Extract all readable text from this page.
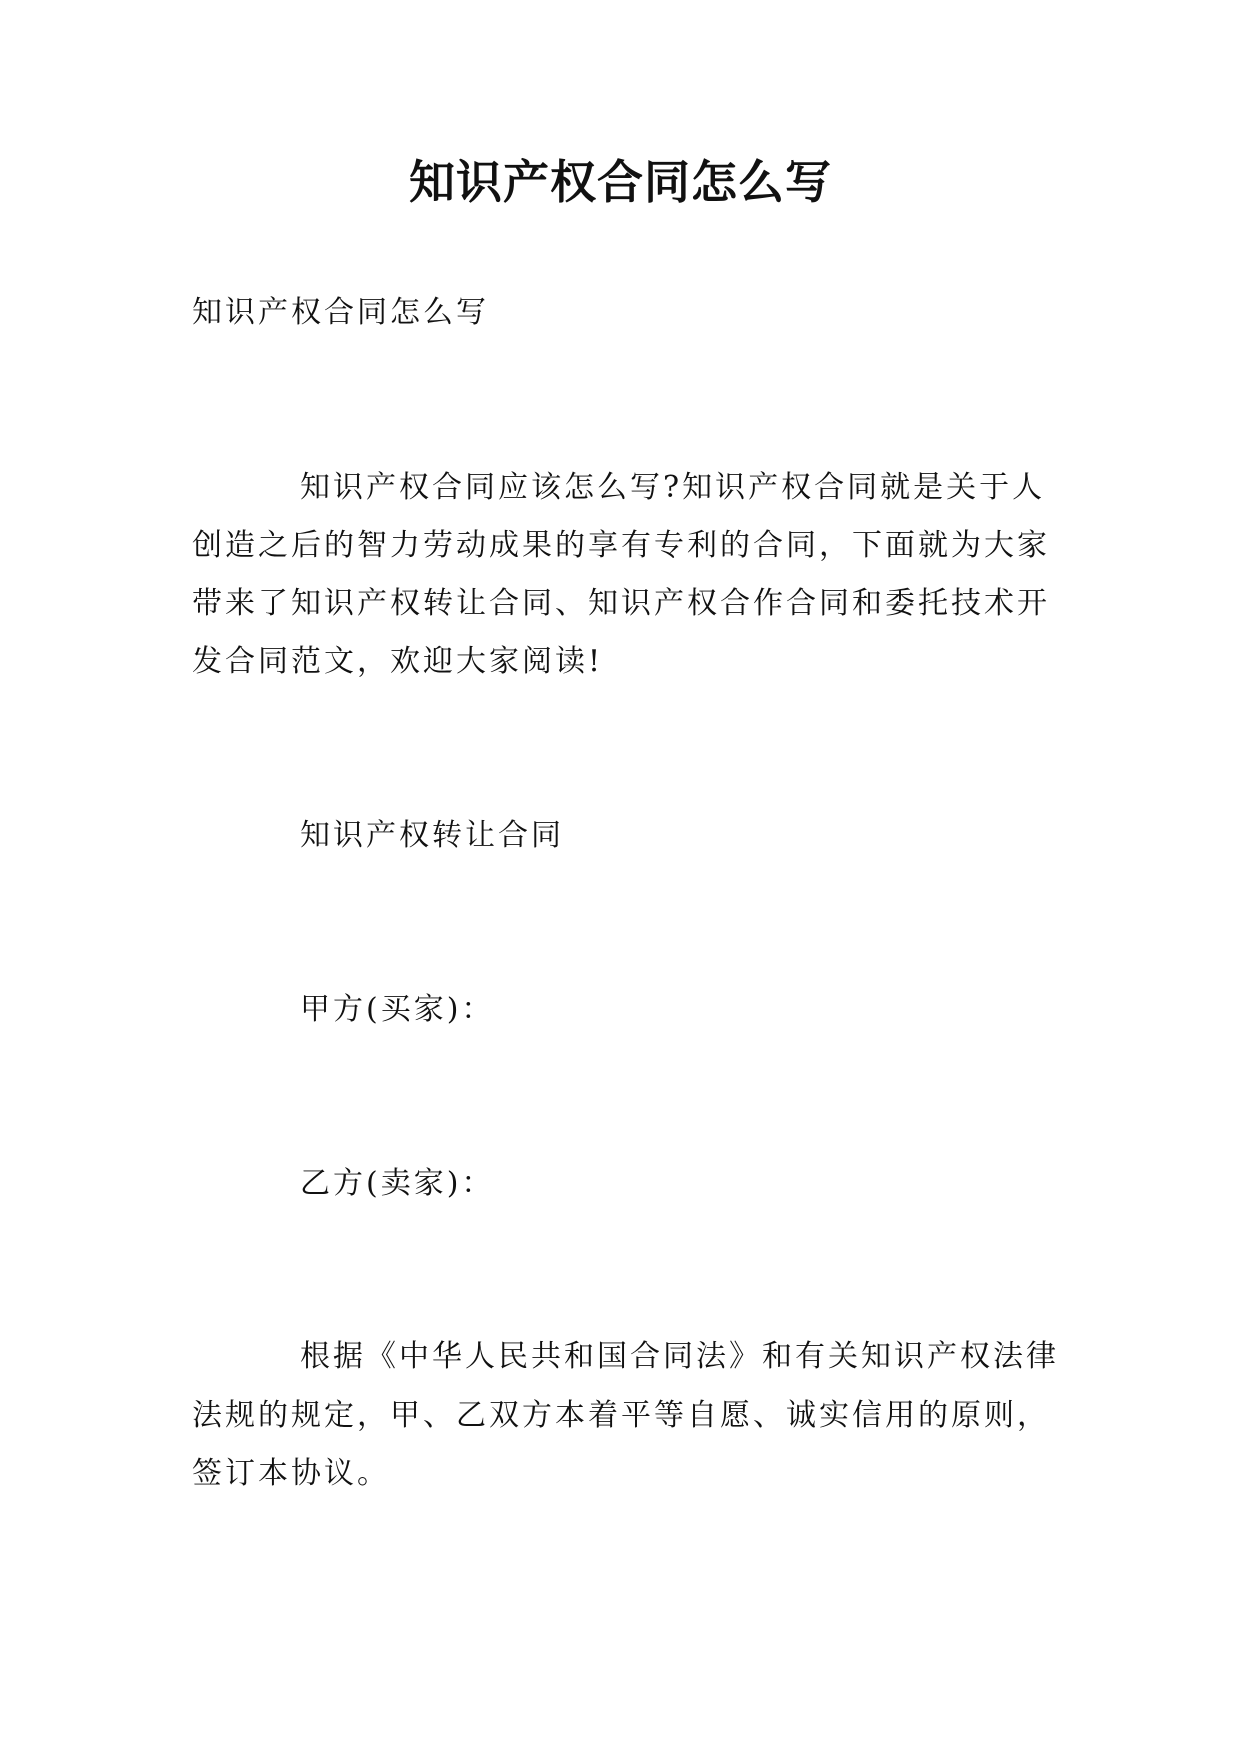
知识产权合同怎么写

知识产权合同怎么写

知识产权合同应该怎么写?知识产权合同就是关于人

创造之后的智力劳动成果的享有专利的合同，下面就为大家

带来了知识产权转让合同、知识产权合作合同和委托技术开

发合同范文，欢迎大家阅读!

知识产权转让合同

甲方(买家)：

乙方(卖家)：

根据《中华人民共和国合同法》和有关知识产权法律

法规的规定，甲、乙双方本着平等自愿、诚实信用的原则，

签订本协议。
